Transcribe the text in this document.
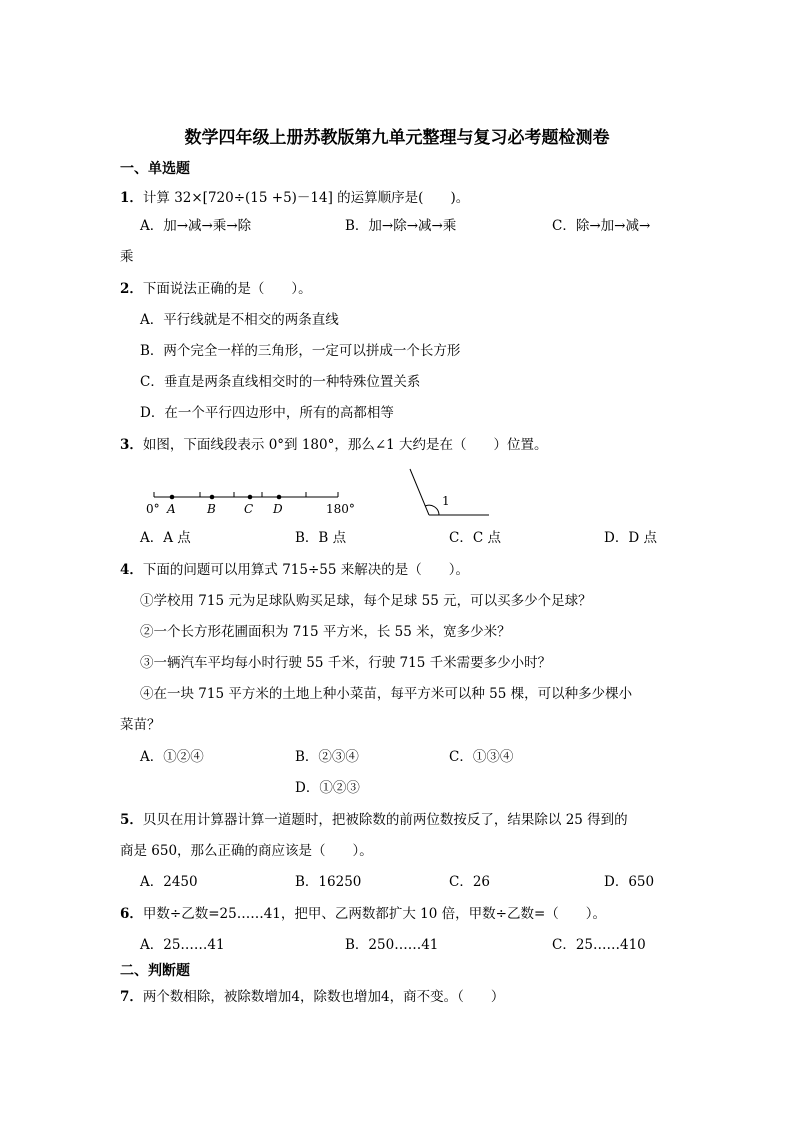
数学四年级上册苏教版第九单元整理与复习必考题检测卷
一、单选题
1．计算 32×[720÷(15 +5)－14] 的运算顺序是(　　)。
A．加→减→乘→除	B．加→除→减→乘	C．除→加→减→
乘
2．下面说法正确的是（　　）。
A．平行线就是不相交的两条直线
B．两个完全一样的三角形，一定可以拼成一个长方形
C．垂直是两条直线相交时的一种特殊位置关系
D．在一个平行四边形中，所有的高都相等
3．如图，下面线段表示 0°到 180°，那么∠1 大约是在（　　）位置。
0° A	B C D	180°
1
A．A 点	B．B 点	C．C 点	D．D 点
4．下面的问题可以用算式 715÷55 来解决的是（　　）。
①学校用 715 元为足球队购买足球，每个足球 55 元，可以买多少个足球？
②一个长方形花圃面积为 715 平方米，长 55 米，宽多少米？
③一辆汽车平均每小时行驶 55 千米，行驶 715 千米需要多少小时？
④在一块 715 平方米的土地上种小菜苗，每平方米可以种 55 棵，可以种多少棵小
菜苗？
A．①②④	B．②③④	C．①③④
D．①②③
5．贝贝在用计算器计算一道题时，把被除数的前两位数按反了，结果除以 25 得到的
商是 650，那么正确的商应该是（　　）。
A．2450	B．16250	C．26	D．650
6．甲数÷乙数=25……41，把甲、乙两数都扩大 10 倍，甲数÷乙数=（　　）。
A．25……41	B．250……41	C．25……410
二、判断题
7．两个数相除，被除数增加4，除数也增加4，商不变。（　　）
